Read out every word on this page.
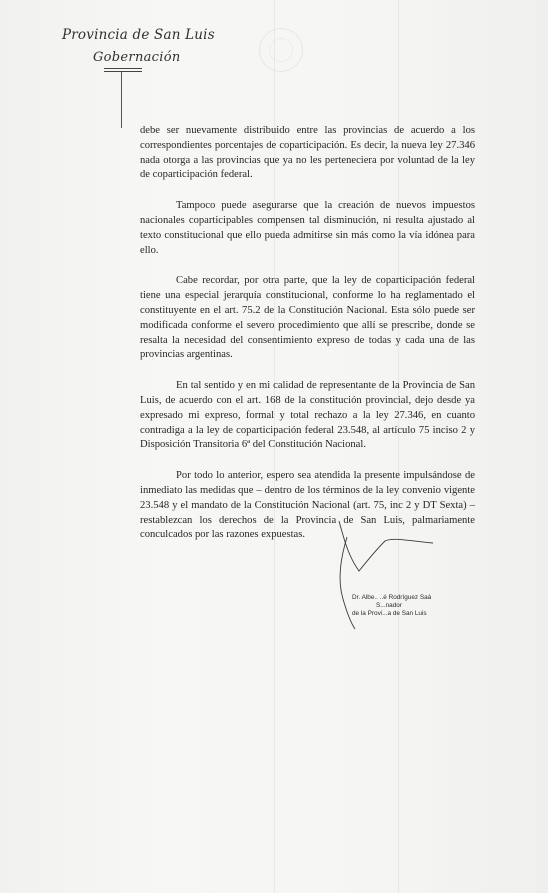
Provincia de San Luis
Gobernación

debe ser nuevamente distribuido entre las provincias de acuerdo a los correspondientes porcentajes de coparticipación. Es decir, la nueva ley 27.346 nada otorga a las provincias que ya no les perteneciera por voluntad de la ley de coparticipación federal.

Tampoco puede asegurarse que la creación de nuevos impuestos nacionales coparticipables compensen tal disminución, ni resulta ajustado al texto constitucional que ello pueda admitirse sin más como la vía idónea para ello.

Cabe recordar, por otra parte, que la ley de coparticipación federal tiene una especial jerarquía constitucional, conforme lo ha reglamentado el constituyente en el art. 75.2 de la Constitución Nacional. Esta sólo puede ser modificada conforme el severo procedimiento que allí se prescribe, donde se resalta la necesidad del consentimiento expreso de todas y cada una de las provincias argentinas.

En tal sentido y en mi calidad de representante de la Provincia de San Luis, de acuerdo con el art. 168 de la constitución provincial, dejo desde ya expresado mi expreso, formal y total rechazo a la ley 27.346, en cuanto contradiga a la ley de coparticipación federal 23.548, al artículo 75 inciso 2 y Disposición Transitoria 6ª del Constitución Nacional.

Por todo lo anterior, espero sea atendida la presente impulsándose de inmediato las medidas que – dentro de los términos de la ley convenio vigente 23.548 y el mandato de la Constitución Nacional (art. 75, inc 2 y DT Sexta) – restablezcan los derechos de la Provincia de San Luis, palmariamente conculcados por las razones expuestas.

Dr. Albe.. ..é Rodríguez Saá
S...nador
de la Provi...a de San Luis
